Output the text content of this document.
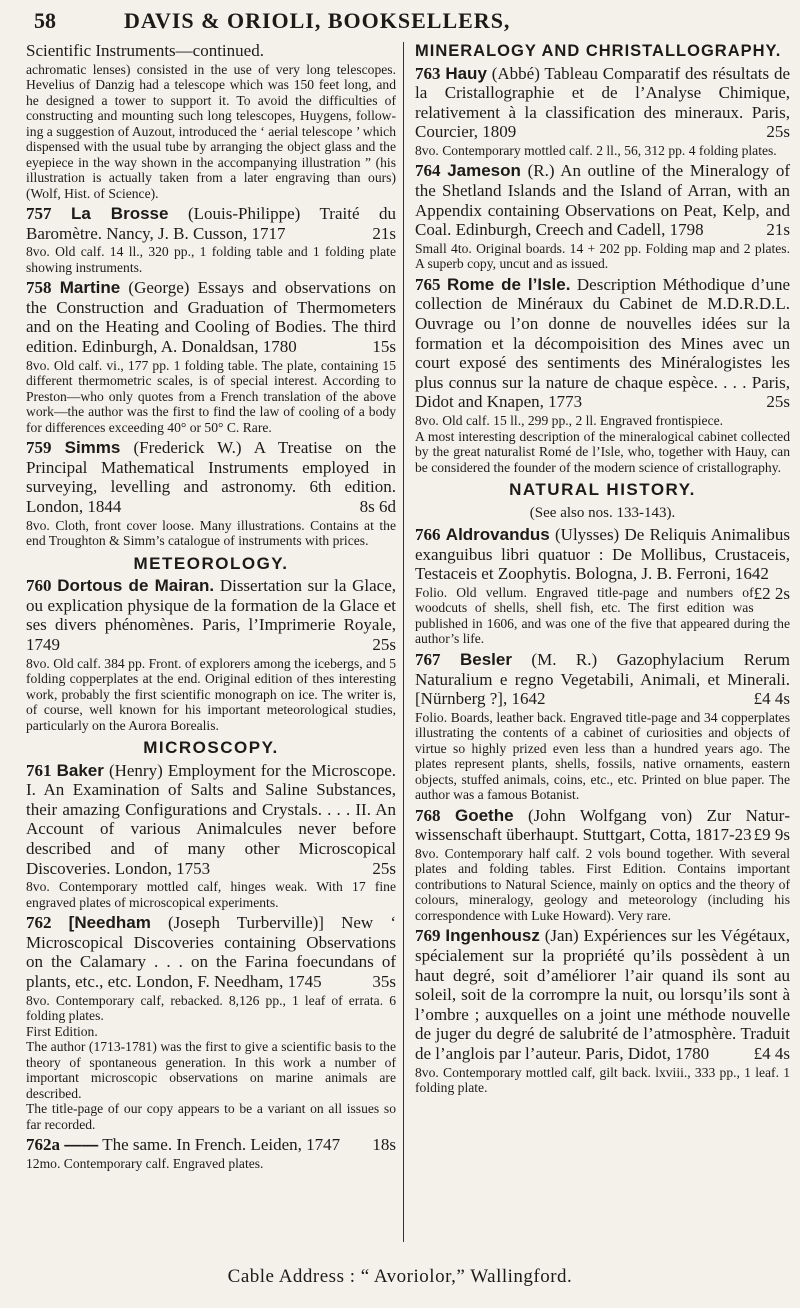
58	DAVIS & ORIOLI, BOOKSELLERS,
Scientific Instruments—continued.
achromatic lenses) consisted in the use of very long telescopes. Hevelius of Danzig had a telescope which was 150 feet long, and he designed a tower to support it. To avoid the difficulties of constructing and mounting such long telescopes, Huygens, following a suggestion of Auzout, introduced the ‘ aerial telescope ’ which dispensed with the usual tube by arranging the object glass and the eyepiece in the way shown in the accompanying illustration ” (his illustration is actually taken from a later engraving than ours) (Wolf, Hist. of Science).
757 La Brosse (Louis-Philippe) Traité du Baromètre. Nancy, J. B. Cusson, 1717	21s
8vo. Old calf. 14 ll., 320 pp., 1 folding table and 1 folding plate showing instruments.
758 Martine (George) Essays and observations on the Construction and Graduation of Thermometers and on the Heating and Cooling of Bodies. The third edition. Edinburgh, A. Donaldsan, 1780	15s
8vo. Old calf. vi., 177 pp. 1 folding table. The plate, containing 15 different thermometric scales, is of special interest. According to Preston—who only quotes from a French translation of the above work—the author was the first to find the law of cooling of a body for differences exceeding 40° or 50° C. Rare.
759 Simms (Frederick W.) A Treatise on the Principal Mathematical Instruments employed in surveying, levelling and astronomy. 6th edition. London, 1844	8s 6d
8vo. Cloth, front cover loose. Many illustrations. Contains at the end Troughton & Simm’s catalogue of instruments with prices.
METEOROLOGY.
760 Dortous de Mairan. Dissertation sur la Glace, ou explication physique de la formation de la Glace et ses divers phénomènes. Paris, l’Imprimerie Royale, 1749	25s
8vo. Old calf. 384 pp. Front. of explorers among the icebergs, and 5 folding copperplates at the end. Original edition of thes interesting work, probably the first scientific monograph on ice. The writer is, of course, well known for his important meteorological studies, particularly on the Aurora Borealis.
MICROSCOPY.
761 Baker (Henry) Employment for the Microscope. I. An Examination of Salts and Saline Substances, their amazing Configurations and Crystals. . . . II. An Account of various Animalcules never before described and of many other Microscopical Discoveries. London, 1753	25s
8vo. Contemporary mottled calf, hinges weak. With 17 fine engraved plates of microscopical experiments.
762 [Needham (Joseph Turberville)] New ‘ Microscopical Discoveries containing Observations on the Calamary . . . on the Farina foecundans of plants, etc., etc. London, F. Needham, 1745	35s
8vo. Contemporary calf, rebacked. 8,126 pp., 1 leaf of errata. 6 folding plates.
First Edition.
The author (1713-1781) was the first to give a scientific basis to the theory of spontaneous generation. In this work a number of important microscopic observations on marine animals are described.
The title-page of our copy appears to be a variant on all issues so far recorded.
762a —— The same. In French. Leiden, 1747 18s
12mo. Contemporary calf. Engraved plates.
MINERALOGY AND CHRISTALLOGRAPHY.
763 Hauy (Abbé) Tableau Comparatif des résultats de la Cristallographie et de l’Analyse Chimique, relativement à la classification des mineraux. Paris, Courcier, 1809	25s
8vo. Contemporary mottled calf. 2 ll., 56, 312 pp. 4 folding plates.
764 Jameson (R.) An outline of the Mineralogy of the Shetland Islands and the Island of Arran, with an Appendix containing Observations on Peat, Kelp, and Coal. Edinburgh, Creech and Cadell, 1798	21s
Small 4to. Original boards. 14 + 202 pp. Folding map and 2 plates. A superb copy, uncut and as issued.
765 Rome de l’Isle. Description Méthodique d’une collection de Minéraux du Cabinet de M.D.R.D.L. Ouvrage ou l’on donne de nouvelles idées sur la formation et la décompoisition des Mines avec un court exposé des sentiments des Minéralogistes les plus connus sur la nature de chaque espèce. . . . Paris, Didot and Knapen, 1773	25s
8vo. Old calf. 15 ll., 299 pp., 2 ll. Engraved frontispiece.
A most interesting description of the mineralogical cabinet collected by the great naturalist Romé de l’Isle, who, together with Hauy, can be considered the founder of the modern science of cristallography.
NATURAL HISTORY.
(See also nos. 133-143).
766 Aldrovandus (Ulysses) De Reliquis Animalibus exanguibus libri quatuor : De Mollibus, Crustaceis, Testaceis et Zoophytis. Bologna, J. B. Ferroni, 1642
£2 2s
Folio. Old vellum. Engraved title-page and numbers of woodcuts of shells, shell fish, etc. The first edition was published in 1606, and was one of the five that appeared during the author’s life.
767 Besler (M. R.) Gazophylacium Rerum Naturalium e regno Vegetabili, Animali, et Minerali. [Nürnberg ?], 1642	£4 4s
Folio. Boards, leather back. Engraved title-page and 34 copperplates illustrating the contents of a cabinet of curiosities and objects of virtue so highly prized even less than a hundred years ago. The plates represent plants, shells, fossils, native ornaments, eastern objects, stuffed animals, coins, etc., etc. Printed on blue paper. The author was a famous Botanist.
768 Goethe (John Wolfgang von) Zur Naturwissenschaft überhaupt. Stuttgart, Cotta, 1817-23 £9 9s
8vo. Contemporary half calf. 2 vols bound together. With several plates and folding tables. First Edition. Contains important contributions to Natural Science, mainly on optics and the theory of colours, mineralogy, geology and meteorology (including his correspondence with Luke Howard). Very rare.
769 Ingenhousz (Jan) Expériences sur les Végétaux, spécialement sur la propriété qu’ils possèdent à un haut degré, soit d’améliorer l’air quand ils sont au soleil, soit de la corrompre la nuit, ou lorsqu’ils sont à l’ombre ; auxquelles on a joint une méthode nouvelle de juger du degré de salubrité de l’atmosphère. Traduit de l’anglois par l’auteur. Paris, Didot, 1780	£4 4s
8vo. Contemporary mottled calf, gilt back. lxviii., 333 pp., 1 leaf. 1 folding plate.
Cable Address : “ Avoriolor,” Wallingford.
